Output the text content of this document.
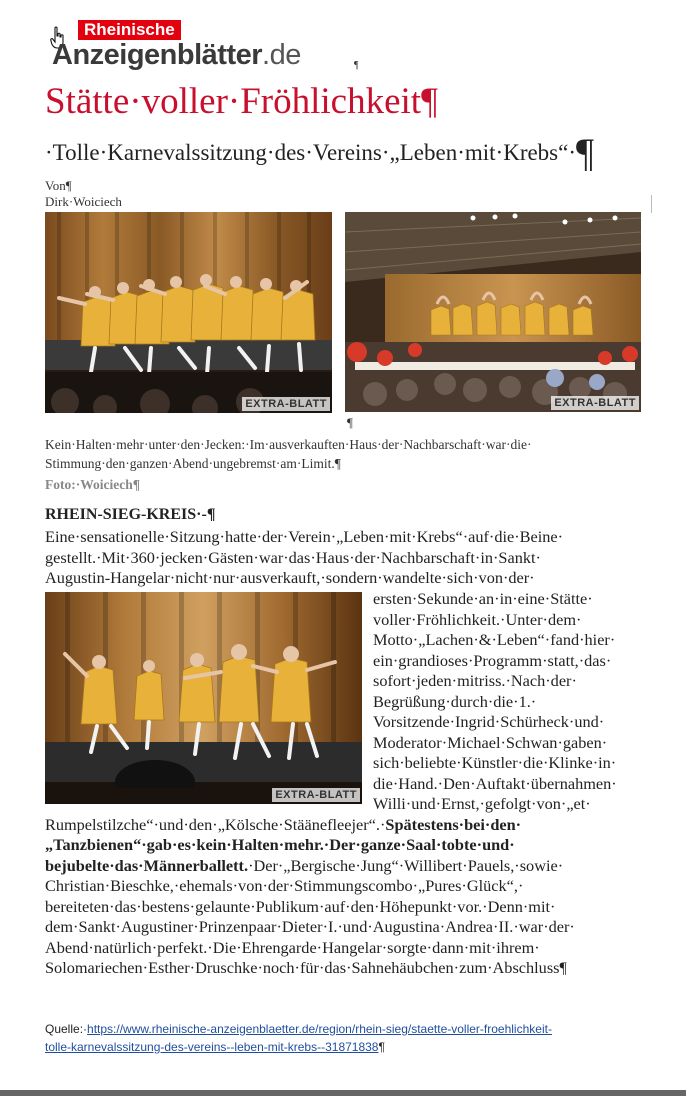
Rheinische
Anzeigenblätter.de	¶
Stätte·voller·Fröhlichkeit¶
·Tolle·Karnevalssitzung·des·Vereins·„Leben·mit·Krebs“·¶
Von¶
Dirk·Woiciech
EXTRA-BLATT	EXTRA-BLATT
¶
Kein·Halten·mehr·unter·den·Jecken:·Im·ausverkauften·Haus·der·Nachbarschaft·war·die·
Stimmung·den·ganzen·Abend·ungebremst·am·Limit.¶
Foto:·Woiciech¶
RHEIN-SIEG-KREIS·-¶
Eine·sensationelle·Sitzung·hatte·der·Verein·„Leben·mit·Krebs“·auf·die·Beine·
gestellt.·Mit·360·jecken·Gästen·war·das·Haus·der·Nachbarschaft·in·Sankt·
Augustin-Hangelar·nicht·nur·ausverkauft,·sondern·wandelte·sich·von·der·
EXTRA-BLATT
ersten·Sekunde·an·in·eine·Stätte·
voller·Fröhlichkeit.·Unter·dem·
Motto·„Lachen·&·Leben“·fand·hier·
ein·grandioses·Programm·statt,·das·
sofort·jeden·mitriss.·Nach·der·
Begrüßung·durch·die·1.·
Vorsitzende·Ingrid·Schürheck·und·
Moderator·Michael·Schwan·gaben·
sich·beliebte·Künstler·die·Klinke·in·
die·Hand.·Den·Auftakt·übernahmen·
Willi·und·Ernst,·gefolgt·von·„et·
Rumpelstilzche“·und·den·„Kölsche·Stäänefleejer“.·Spätestens·bei·den·
„Tanzbienen“·gab·es·kein·Halten·mehr.·Der·ganze·Saal·tobte·und·
bejubelte·das·Männerballett.·Der·„Bergische·Jung“·Willibert·Pauels,·sowie·
Christian·Bieschke,·ehemals·von·der·Stimmungscombo·„Pures·Glück“,·
bereiteten·das·bestens·gelaunte·Publikum·auf·den·Höhepunkt·vor.·Denn·mit·
dem·Sankt·Augustiner·Prinzenpaar·Dieter·I.·und·Augustina·Andrea·II.·war·der·
Abend·natürlich·perfekt.·Die·Ehrengarde·Hangelar·sorgte·dann·mit·ihrem·
Solomariechen·Esther·Druschke·noch·für·das·Sahnehäubchen·zum·Abschluss¶
Quelle:·https://www.rheinische-anzeigenblaetter.de/region/rhein-sieg/staette-voller-froehlichkeit-
tolle-karnevalssitzung-des-vereins--leben-mit-krebs--31871838¶
